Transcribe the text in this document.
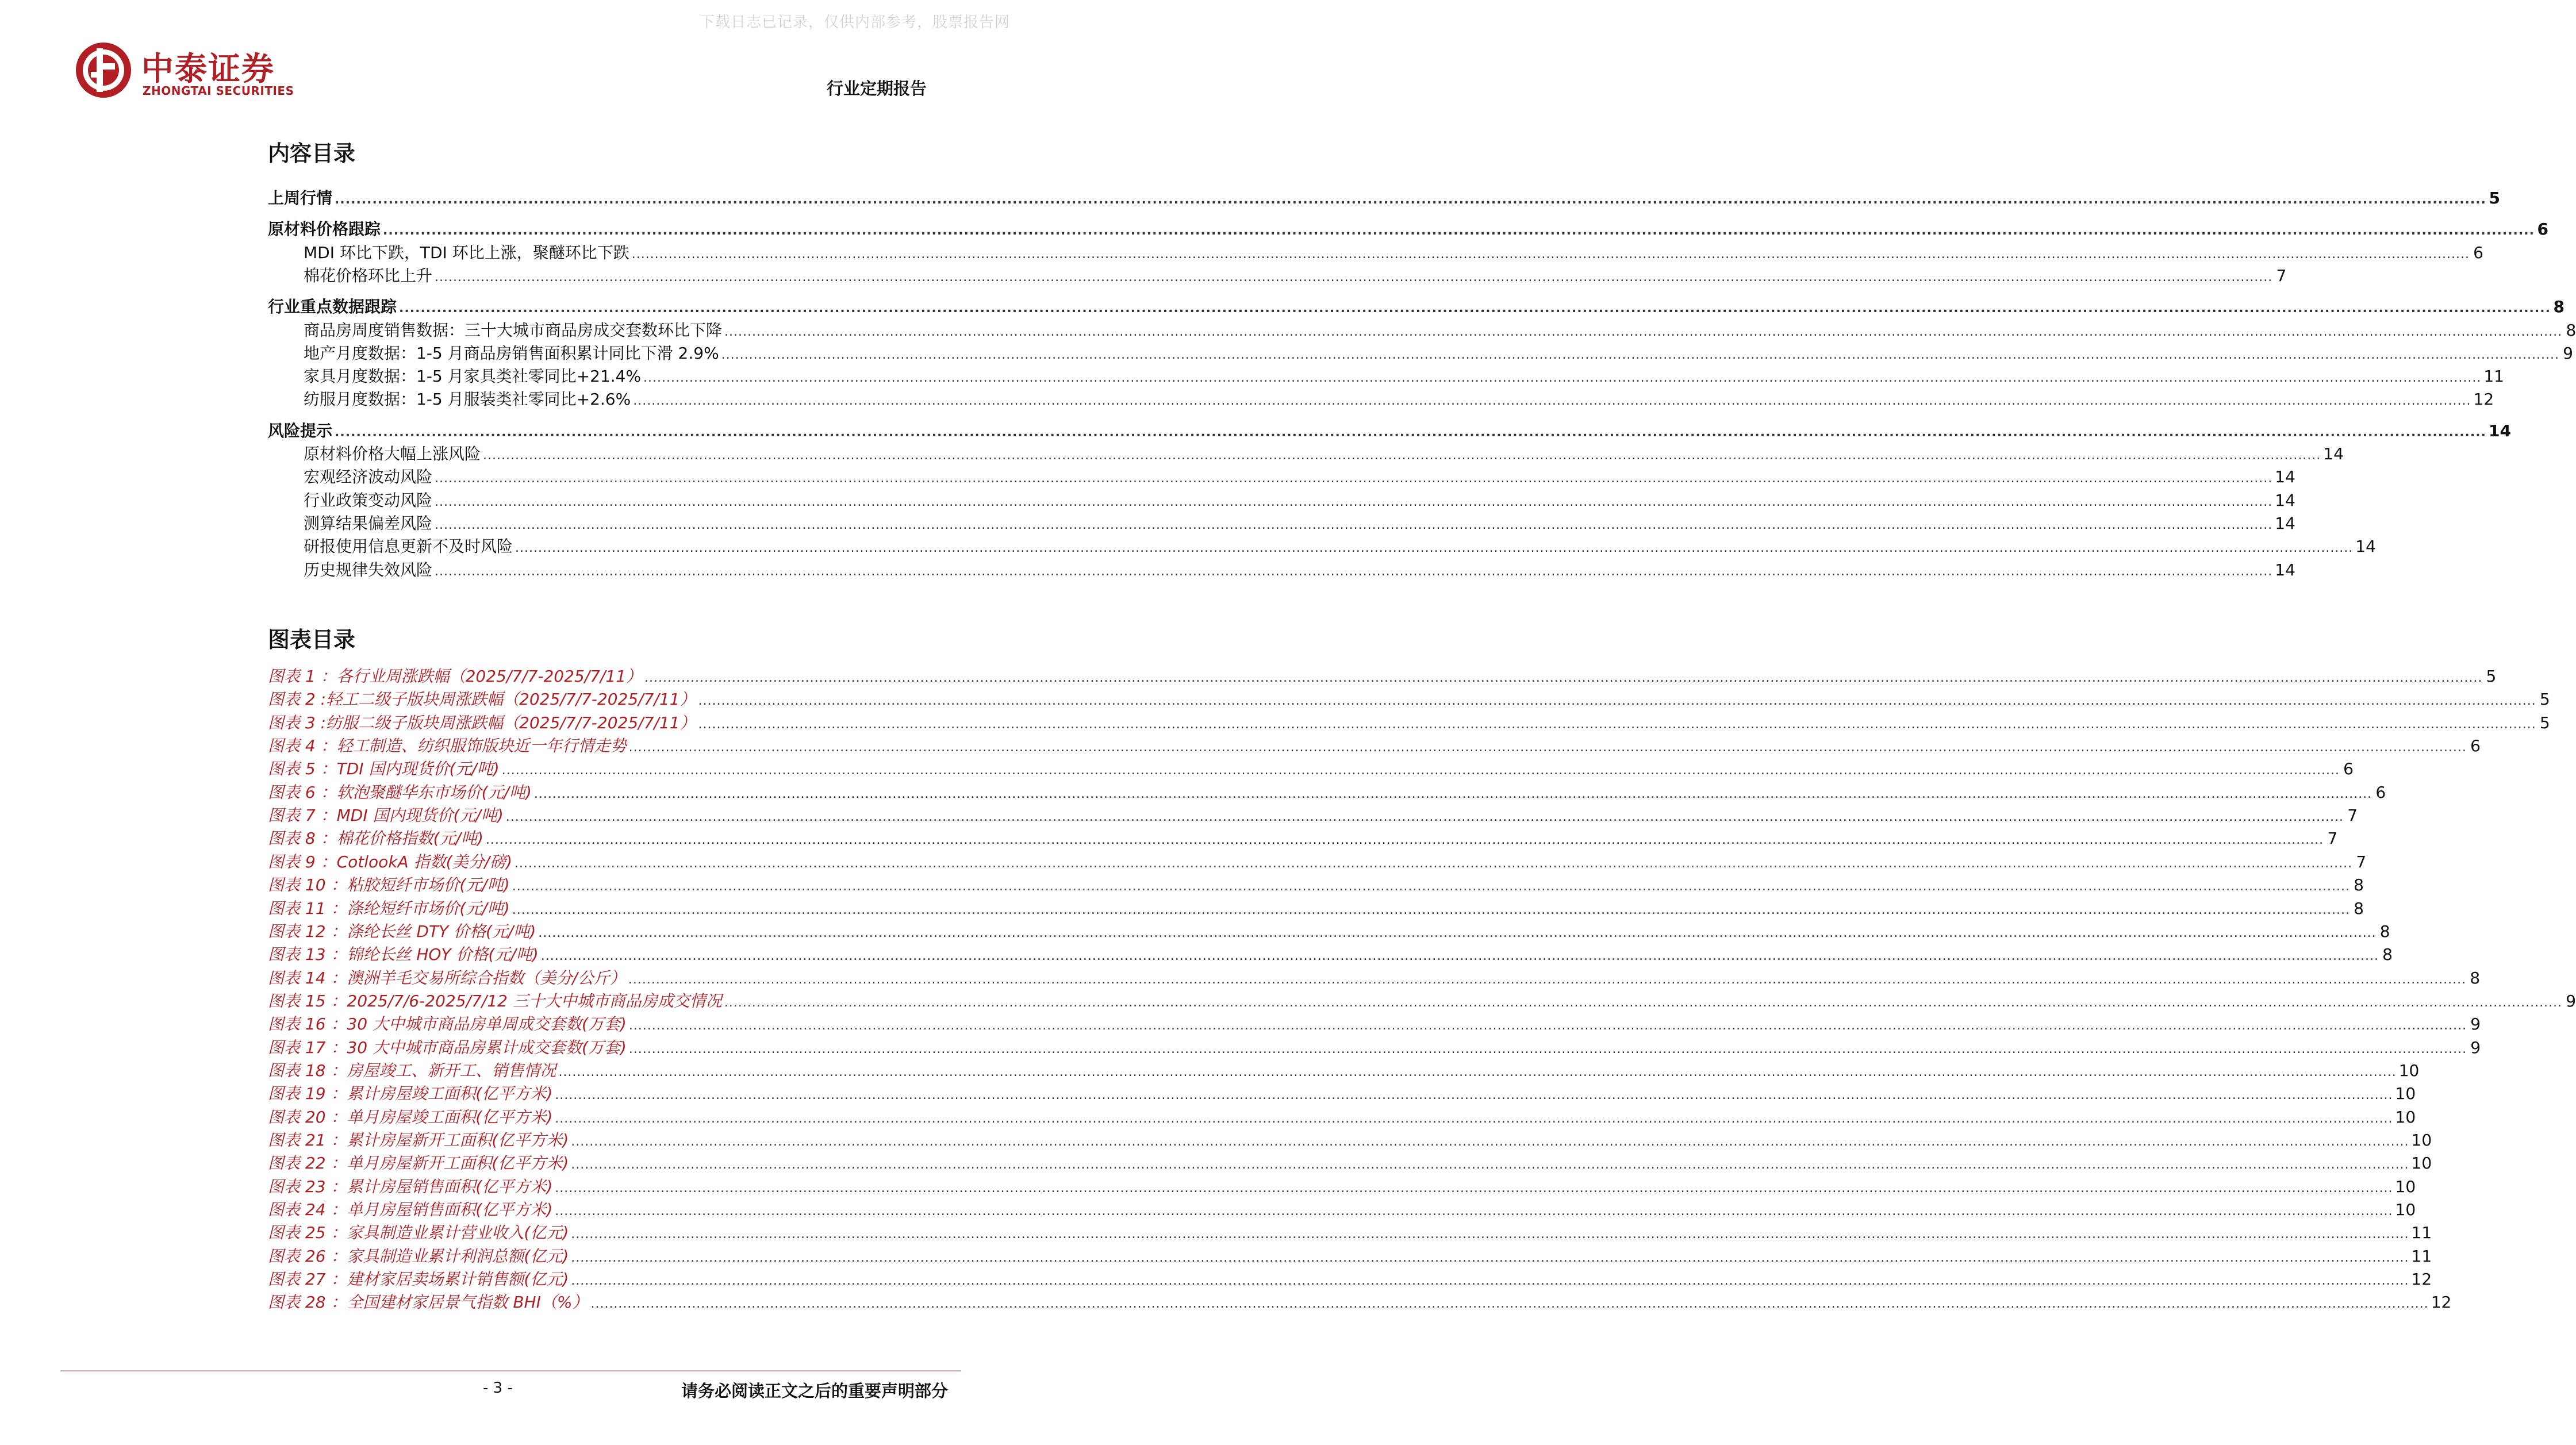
下载日志已记录，仅供内部参考，股票报告网
中泰证券
ZHONGTAI SECURITIES	行业定期报告
内容目录
上周行情 ................................................................................................................................................................................................................................................................................................................................................................................................................ 5
原材料价格跟踪 ................................................................................................................................................................................................................................................................................................................................................................................................................ 6
MDI 环比下跌，TDI 环比上涨，聚醚环比下跌 ................................................................................................................................................................................................................................................................................................................................................................................................................ 6
棉花价格环比上升 ................................................................................................................................................................................................................................................................................................................................................................................................................ 7
行业重点数据跟踪 ................................................................................................................................................................................................................................................................................................................................................................................................................ 8
商品房周度销售数据：三十大城市商品房成交套数环比下降 ................................................................................................................................................................................................................................................................................................................................................................................................................ 8
地产月度数据：1-5 月商品房销售面积累计同比下滑 2.9% ................................................................................................................................................................................................................................................................................................................................................................................................................ 9
家具月度数据：1-5 月家具类社零同比+21.4% ................................................................................................................................................................................................................................................................................................................................................................................................................ 11
纺服月度数据：1-5 月服装类社零同比+2.6% ................................................................................................................................................................................................................................................................................................................................................................................................................ 12
风险提示 ................................................................................................................................................................................................................................................................................................................................................................................................................ 14
原材料价格大幅上涨风险 ................................................................................................................................................................................................................................................................................................................................................................................................................ 14
宏观经济波动风险 ................................................................................................................................................................................................................................................................................................................................................................................................................ 14
行业政策变动风险 ................................................................................................................................................................................................................................................................................................................................................................................................................ 14
测算结果偏差风险 ................................................................................................................................................................................................................................................................................................................................................................................................................ 14
研报使用信息更新不及时风险 ................................................................................................................................................................................................................................................................................................................................................................................................................ 14
历史规律失效风险 ................................................................................................................................................................................................................................................................................................................................................................................................................ 14
图表目录
图表 1 ：各行业周涨跌幅（2025/7/7-2025/7/11） ................................................................................................................................................................................................................................................................................................................................................................................................................ 5
图表 2 :轻工二级子版块周涨跌幅（2025/7/7-2025/7/11） ................................................................................................................................................................................................................................................................................................................................................................................................................ 5
图表 3 :纺服二级子版块周涨跌幅（2025/7/7-2025/7/11） ................................................................................................................................................................................................................................................................................................................................................................................................................ 5
图表 4 ：轻工制造、纺织服饰版块近一年行情走势 ................................................................................................................................................................................................................................................................................................................................................................................................................ 6
图表 5 ：TDI 国内现货价(元/吨) ................................................................................................................................................................................................................................................................................................................................................................................................................ 6
图表 6 ：软泡聚醚华东市场价(元/吨) ................................................................................................................................................................................................................................................................................................................................................................................................................ 6
图表 7 ：MDI 国内现货价(元/吨) ................................................................................................................................................................................................................................................................................................................................................................................................................ 7
图表 8 ：棉花价格指数(元/吨) ................................................................................................................................................................................................................................................................................................................................................................................................................ 7
图表 9 ：CotlookA 指数(美分/磅) ................................................................................................................................................................................................................................................................................................................................................................................................................ 7
图表 10 ：粘胶短纤市场价(元/吨) ................................................................................................................................................................................................................................................................................................................................................................................................................ 8
图表 11 ：涤纶短纤市场价(元/吨) ................................................................................................................................................................................................................................................................................................................................................................................................................ 8
图表 12 ：涤纶长丝 DTY 价格(元/吨) ................................................................................................................................................................................................................................................................................................................................................................................................................ 8
图表 13 ：锦纶长丝 HOY 价格(元/吨) ................................................................................................................................................................................................................................................................................................................................................................................................................ 8
图表 14 ：澳洲羊毛交易所综合指数（美分/公斤） ................................................................................................................................................................................................................................................................................................................................................................................................................ 8
图表 15 ：2025/7/6-2025/7/12 三十大中城市商品房成交情况 ................................................................................................................................................................................................................................................................................................................................................................................................................ 9
图表 16 ：30 大中城市商品房单周成交套数(万套) ................................................................................................................................................................................................................................................................................................................................................................................................................ 9
图表 17 ：30 大中城市商品房累计成交套数(万套) ................................................................................................................................................................................................................................................................................................................................................................................................................ 9
图表 18 ：房屋竣工、新开工、销售情况 ................................................................................................................................................................................................................................................................................................................................................................................................................ 10
图表 19 ：累计房屋竣工面积(亿平方米) ................................................................................................................................................................................................................................................................................................................................................................................................................ 10
图表 20 ：单月房屋竣工面积(亿平方米) ................................................................................................................................................................................................................................................................................................................................................................................................................ 10
图表 21 ：累计房屋新开工面积(亿平方米) ................................................................................................................................................................................................................................................................................................................................................................................................................ 10
图表 22 ：单月房屋新开工面积(亿平方米) ................................................................................................................................................................................................................................................................................................................................................................................................................ 10
图表 23 ：累计房屋销售面积(亿平方米) ................................................................................................................................................................................................................................................................................................................................................................................................................ 10
图表 24 ：单月房屋销售面积(亿平方米) ................................................................................................................................................................................................................................................................................................................................................................................................................ 10
图表 25 ：家具制造业累计营业收入(亿元) ................................................................................................................................................................................................................................................................................................................................................................................................................ 11
图表 26 ：家具制造业累计利润总额(亿元) ................................................................................................................................................................................................................................................................................................................................................................................................................ 11
图表 27 ：建材家居卖场累计销售额(亿元) ................................................................................................................................................................................................................................................................................................................................................................................................................ 12
图表 28 ：全国建材家居景气指数 BHI（%） ................................................................................................................................................................................................................................................................................................................................................................................................................ 12
- 3 -	请务必阅读正文之后的重要声明部分
